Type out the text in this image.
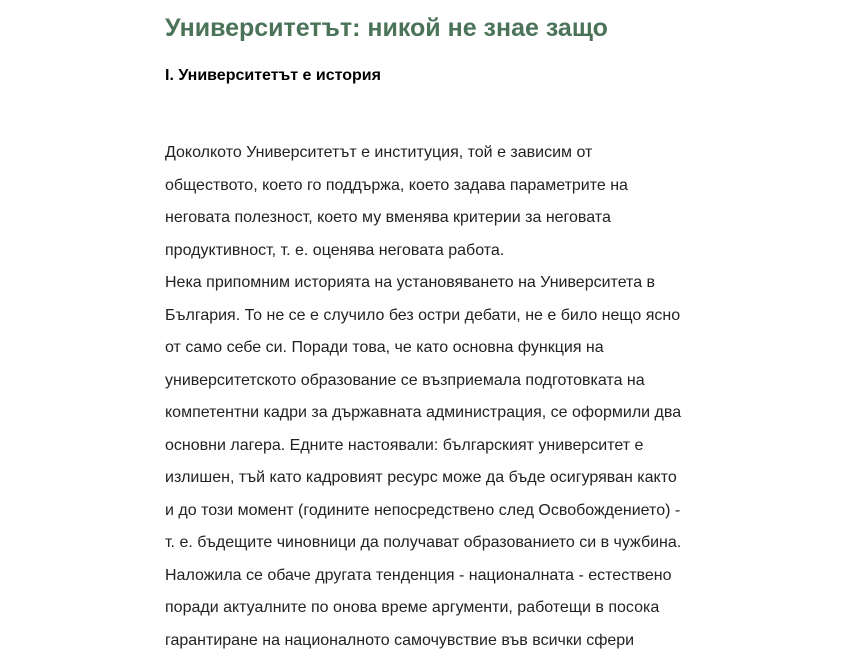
Университетът: никой не знае защо
I. Университетът е история
Доколкото Университетът е институция, той е зависим от
обществото, което го поддържа, което задава параметрите на
неговата полезност, което му вменява критерии за неговата
продуктивност, т. е. оценява неговата работа.
Нека припомним историята на установяването на Университета в
България. То не се е случило без остри дебати, не е било нещо ясно
от само себе си. Поради това, че като основна функция на
университетското образование се възприемала подготовката на
компетентни кадри за държавната администрация, се оформили два
основни лагера. Едните настоявали: българският университет е
излишен, тъй като кадровият ресурс може да бъде осигуряван както
и до този момент (годините непосредствено след Освобождението) -
т. е. бъдещите чиновници да получават образованието си в чужбина.
Наложила се обаче другата тенденция - националната - естествено
поради актуалните по онова време аргументи, работещи в посока
гарантиране на националното самочувствие във всички сфери
